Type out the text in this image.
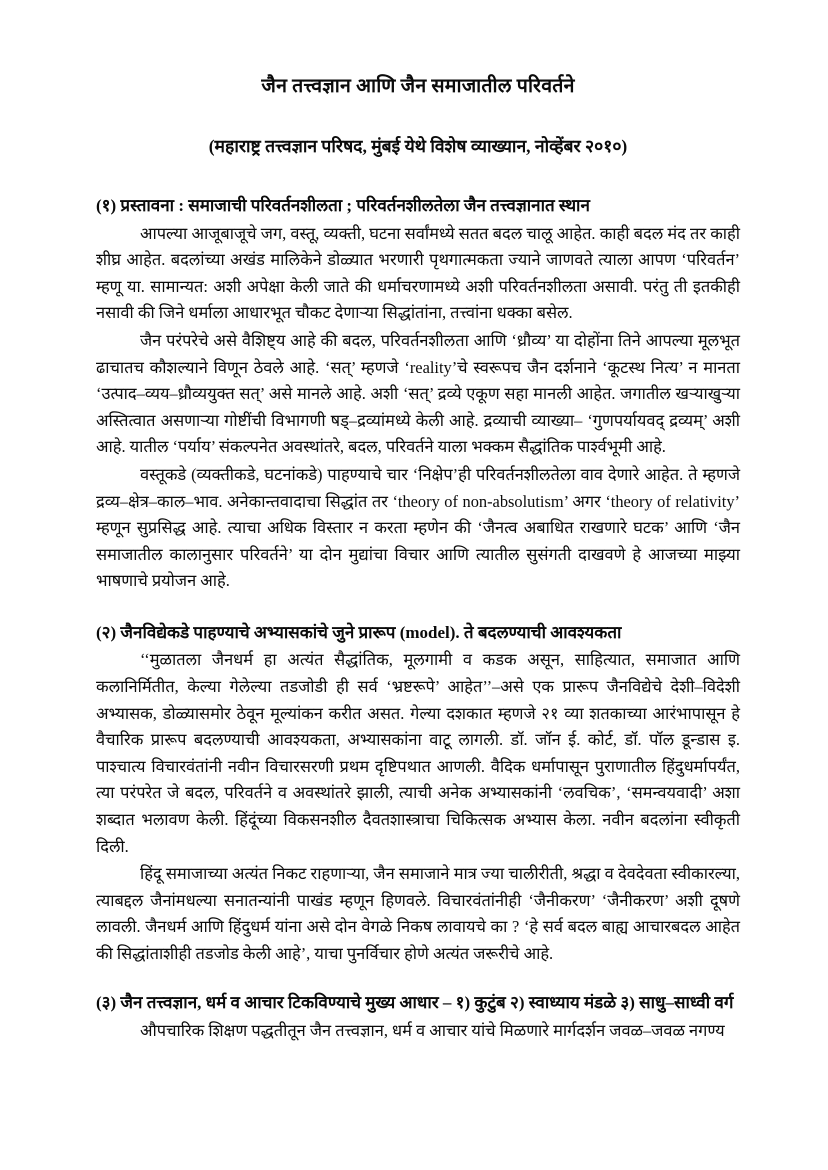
जैन तत्त्वज्ञान आणि जैन समाजातील परिवर्तने
(महाराष्ट्र तत्त्वज्ञान परिषद, मुंबई येथे विशेष व्याख्यान, नोव्हेंबर २०१०)
(१) प्रस्तावना : समाजाची परिवर्तनशीलता ; परिवर्तनशीलतेला जैन तत्त्वज्ञानात स्थान

आपल्या आजूबाजूचे जग, वस्तू, व्यक्ती, घटना सर्वांमध्ये सतत बदल चालू आहेत. काही बदल मंद तर काही शीघ्र आहेत. बदलांच्या अखंड मालिकेने डोळ्यात भरणारी पृथगात्मकता ज्याने जाणवते त्याला आपण ‘परिवर्तन’ म्हणू या. सामान्यत: अशी अपेक्षा केली जाते की धर्माचरणामध्ये अशी परिवर्तनशीलता असावी. परंतु ती इतकीही नसावी की जिने धर्माला आधारभूत चौकट देणाऱ्या सिद्धांतांना, तत्त्वांना धक्का बसेल.

जैन परंपरेचे असे वैशिष्ट्य आहे की बदल, परिवर्तनशीलता आणि ‘ध्रौव्य’ या दोहोंना तिने आपल्या मूलभूत ढाचातच कौशल्याने विणून ठेवले आहे. ‘सत्’ म्हणजे ‘reality’चे स्वरूपच जैन दर्शनाने ‘कूटस्थ नित्य’ न मानता ‘उत्पाद–व्यय–ध्रौव्ययुक्त सत्’ असे मानले आहे. अशी ‘सत्’ द्रव्ये एकूण सहा मानली आहेत. जगातील खऱ्याखुऱ्या अस्तित्वात असणाऱ्या गोष्टींची विभागणी षड्–द्रव्यांमध्ये केली आहे. द्रव्याची व्याख्या– ‘गुणपर्यायवद् द्रव्यम्’ अशी आहे. यातील ‘पर्याय’ संकल्पनेत अवस्थांतरे, बदल, परिवर्तने याला भक्कम सैद्धांतिक पार्श्वभूमी आहे.

वस्तूकडे (व्यक्तीकडे, घटनांकडे) पाहण्याचे चार ‘निक्षेप’ही परिवर्तनशीलतेला वाव देणारे आहेत. ते म्हणजे द्रव्य–क्षेत्र–काल–भाव. अनेकान्तवादाचा सिद्धांत तर ‘theory of non-absolutism’ अगर ‘theory of relativity’ म्हणून सुप्रसिद्ध आहे. त्याचा अधिक विस्तार न करता म्हणेन की ‘जैनत्व अबाधित राखणारे घटक’ आणि ‘जैन समाजातील कालानुसार परिवर्तने’ या दोन मुद्यांचा विचार आणि त्यातील सुसंगती दाखवणे हे आजच्या माझ्या भाषणाचे प्रयोजन आहे.

(२) जैनविद्येकडे पाहण्याचे अभ्यासकांचे जुने प्रारूप (model). ते बदलण्याची आवश्यकता

‘‘मुळातला जैनधर्म हा अत्यंत सैद्धांतिक, मूलगामी व कडक असून, साहित्यात, समाजात आणि कलानिर्मितीत, केल्या गेलेल्या तडजोडी ही सर्व ‘भ्रष्टरूपे’ आहेत’’–असे एक प्रारूप जैनविद्येचे देशी–विदेशी अभ्यासक, डोळ्यासमोर ठेवून मूल्यांकन करीत असत. गेल्या दशकात म्हणजे २१ व्या शतकाच्या आरंभापासून हे वैचारिक प्रारूप बदलण्याची आवश्यकता, अभ्यासकांना वाटू लागली. डॉ. जॉन ई. कोर्ट, डॉ. पॉल डून्डास इ. पाश्चात्य विचारवंतांनी नवीन विचारसरणी प्रथम दृष्टिपथात आणली. वैदिक धर्मापासून पुराणातील हिंदुधर्मापर्यंत, त्या परंपरेत जे बदल, परिवर्तने व अवस्थांतरे झाली, त्याची अनेक अभ्यासकांनी ‘लवचिक’, ‘समन्वयवादी’ अशा शब्दात भलावण केली. हिंदूंच्या विकसनशील दैवतशास्त्राचा चिकित्सक अभ्यास केला. नवीन बदलांना स्वीकृती दिली.

हिंदू समाजाच्या अत्यंत निकट राहणाऱ्या, जैन समाजाने मात्र ज्या चालीरीती, श्रद्धा व देवदेवता स्वीकारल्या, त्याबद्दल जैनांमधल्या सनातन्यांनी पाखंड म्हणून हिणवले. विचारवंतांनीही ‘जैनीकरण’ ‘जैनीकरण’ अशी दूषणे लावली. जैनधर्म आणि हिंदुधर्म यांना असे दोन वेगळे निकष लावायचे का ? ‘हे सर्व बदल बाह्य आचारबदल आहेत की सिद्धांताशीही तडजोड केली आहे’, याचा पुनर्विचार होणे अत्यंत जरूरीचे आहे.

(३) जैन तत्त्वज्ञान, धर्म व आचार टिकविण्याचे मुख्य आधार – १) कुटुंब २) स्वाध्याय मंडळे ३) साधु–साध्वी वर्ग

औपचारिक शिक्षण पद्धतीतून जैन तत्त्वज्ञान, धर्म व आचार यांचे मिळणारे मार्गदर्शन जवळ–जवळ नगण्य
